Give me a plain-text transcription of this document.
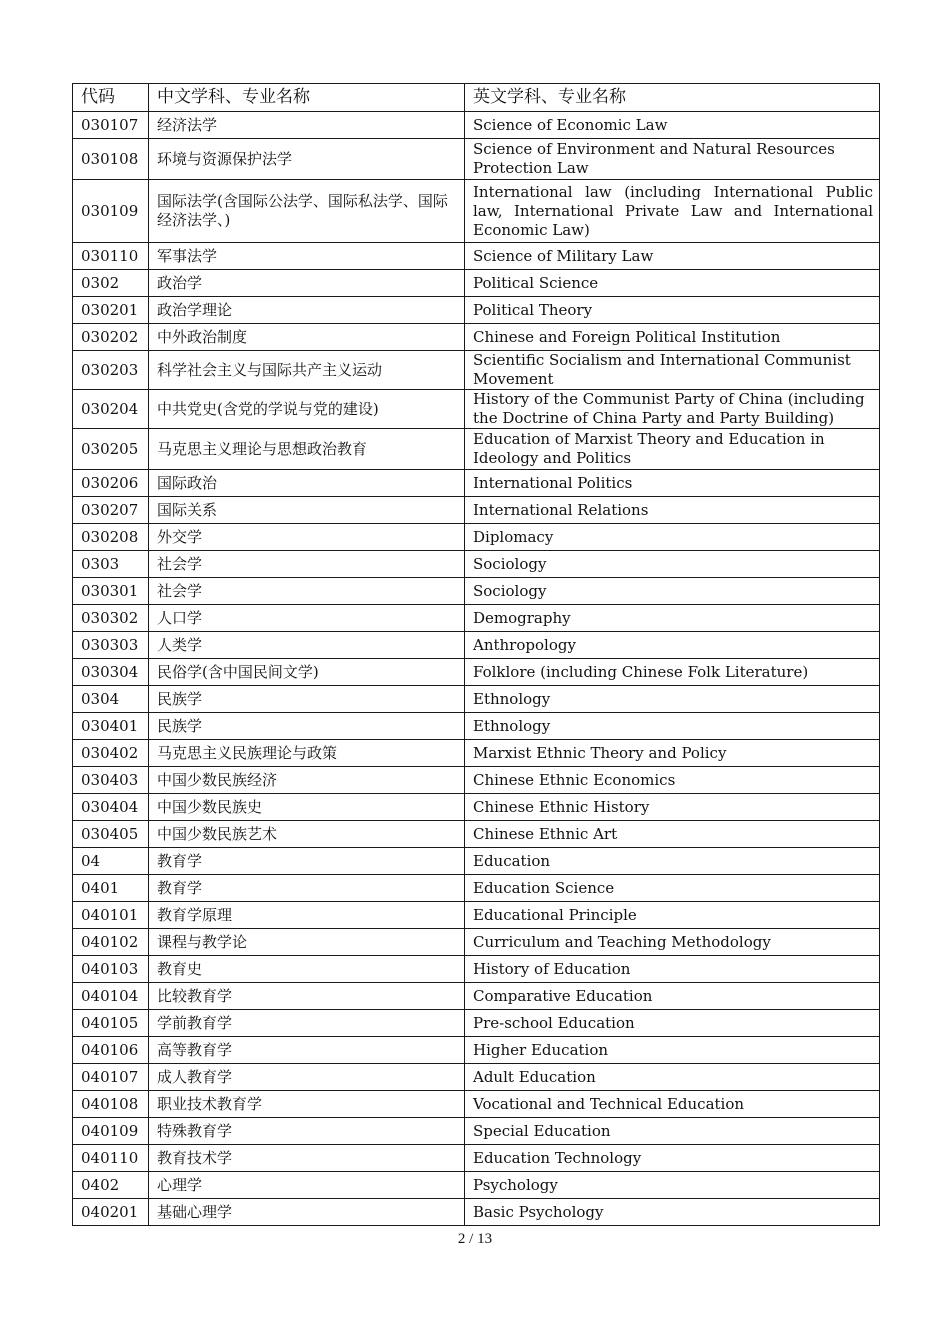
代码	中文学科、专业名称	英文学科、专业名称
030107	经济法学	Science of Economic Law
030108	环境与资源保护法学	Science of Environment and Natural Resources Protection Law
030109	国际法学(含国际公法学、国际私法学、国际经济法学、)	International law (including International Public law, International Private Law and International Economic Law)
030110	军事法学	Science of Military Law
0302	政治学	Political Science
030201	政治学理论	Political Theory
030202	中外政治制度	Chinese and Foreign Political Institution
030203	科学社会主义与国际共产主义运动	Scientific Socialism and International Communist Movement
030204	中共党史(含党的学说与党的建设)	History of the Communist Party of China (including the Doctrine of China Party and Party Building)
030205	马克思主义理论与思想政治教育	Education of Marxist Theory and Education in Ideology and Politics
030206	国际政治	International Politics
030207	国际关系	International Relations
030208	外交学	Diplomacy
0303	社会学	Sociology
030301	社会学	Sociology
030302	人口学	Demography
030303	人类学	Anthropology
030304	民俗学(含中国民间文学)	Folklore (including Chinese Folk Literature)
0304	民族学	Ethnology
030401	民族学	Ethnology
030402	马克思主义民族理论与政策	Marxist Ethnic Theory and Policy
030403	中国少数民族经济	Chinese Ethnic Economics
030404	中国少数民族史	Chinese Ethnic History
030405	中国少数民族艺术	Chinese Ethnic Art
04	教育学	Education
0401	教育学	Education Science
040101	教育学原理	Educational Principle
040102	课程与教学论	Curriculum and Teaching Methodology
040103	教育史	History of Education
040104	比较教育学	Comparative Education
040105	学前教育学	Pre-school Education
040106	高等教育学	Higher Education
040107	成人教育学	Adult Education
040108	职业技术教育学	Vocational and Technical Education
040109	特殊教育学	Special Education
040110	教育技术学	Education Technology
0402	心理学	Psychology
040201	基础心理学	Basic Psychology
2 / 13
